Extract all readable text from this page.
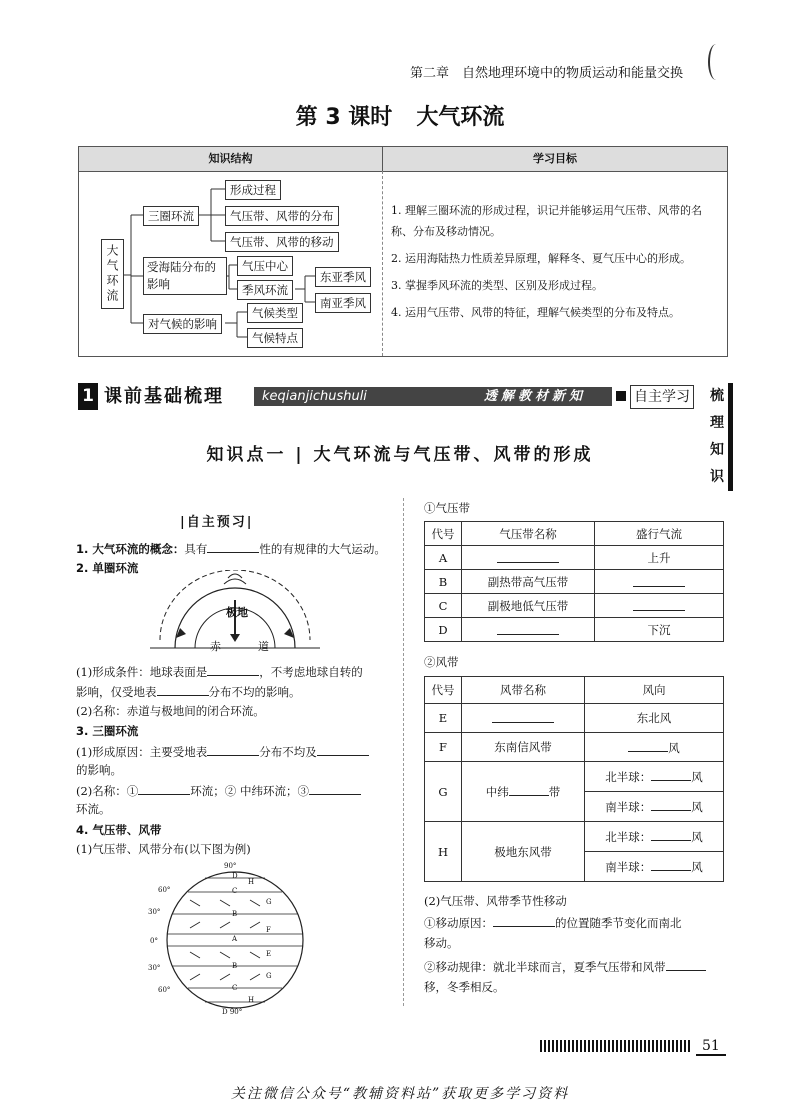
第二章　自然地理环境中的物质运动和能量交换
第 3 课时 大气环流
知识结构	学习目标
大气环流
三圈环流
形成过程
气压带、风带的分布
气压带、风带的移动
受海陆分布的影响
气压中心
季风环流
东亚季风
南亚季风
对气候的影响
气候类型
气候特点
1. 理解三圈环流的形成过程，识记并能够运用气压带、风带的名称、分布及移动情况。
2. 运用海陆热力性质差异原理，解释冬、夏气压中心的形成。
3. 掌握季风环流的类型、区别及形成过程。
4. 运用气压带、风带的特征，理解气候类型的分布及特点。
1 课前基础梳理	keqianjichushuli	透解教材新知	自主学习 梳理知识
知识点一 | 大气环流与气压带、风带的形成
|自主预习|
1. 大气环流的概念：具有	性的有规律的大气运动。
2. 单圈环流
极地
赤	道
(1)形成条件：地球表面是	，不考虑地球自转的
影响，仅受地表	分布不均的影响。
(2)名称：赤道与极地间的闭合环流。
3. 三圈环流
(1)形成原因：主要受地表	分布不均及
的影响。
(2)名称：①	环流；② 中纬环流；③
环流。
4. 气压带、风带
(1)气压带、风带分布(以下图为例)
90°
60°
30°
0°
30°
60°
D 90°
D
H
C
G
B
A
F
E
B
G
C
H
①气压带
代号	气压带名称	盛行气流
A		上升
B	副热带高气压带	
C	副极地低气压带	
D		下沉
②风带
代号	风带名称	风向
E		东北风
F	东南信风带	风
G	中纬 带	北半球： 风
		南半球： 风
H	极地东风带	北半球： 风
		南半球： 风
(2)气压带、风带季节性移动
①移动原因：	的位置随季节变化而南北
移动。
②移动规律：就北半球而言，夏季气压带和风带
移，冬季相反。
51
关注微信公众号“教辅资料站”获取更多学习资料
